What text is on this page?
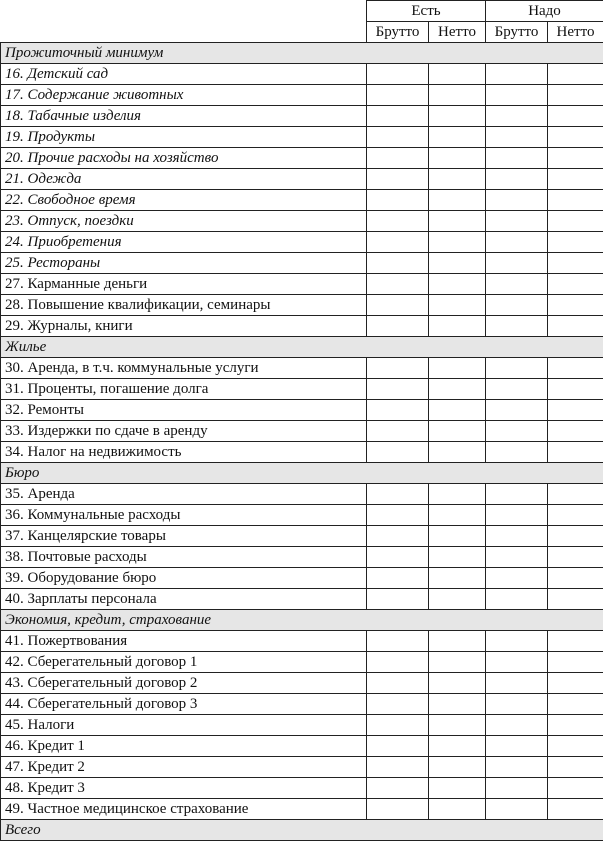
	Есть		Надо	
	Брутто	Нетто	Брутто	Нетто
Прожиточный минимум				
16. Детский сад				
17. Содержание животных				
18. Табачные изделия				
19. Продукты				
20. Прочие расходы на хозяйство				
21. Одежда				
22. Свободное время				
23. Отпуск, поездки				
24. Приобретения				
25. Рестораны				
27. Карманные деньги				
28. Повышение квалификации, семинары				
29. Журналы, книги				
Жилье				
30. Аренда, в т.ч. коммунальные услуги				
31. Проценты, погашение долга				
32. Ремонты				
33. Издержки по сдаче в аренду				
34. Налог на недвижимость				
Бюро				
35. Аренда				
36. Коммунальные расходы				
37. Канцелярские товары				
38. Почтовые расходы				
39. Оборудование бюро				
40. Зарплаты персонала				
Экономия, кредит, страхование				
41. Пожертвования				
42. Сберегательный договор 1				
43. Сберегательный договор 2				
44. Сберегательный договор 3				
45. Налоги				
46. Кредит 1				
47. Кредит 2				
48. Кредит 3				
49. Частное медицинское страхование				
Всего				
